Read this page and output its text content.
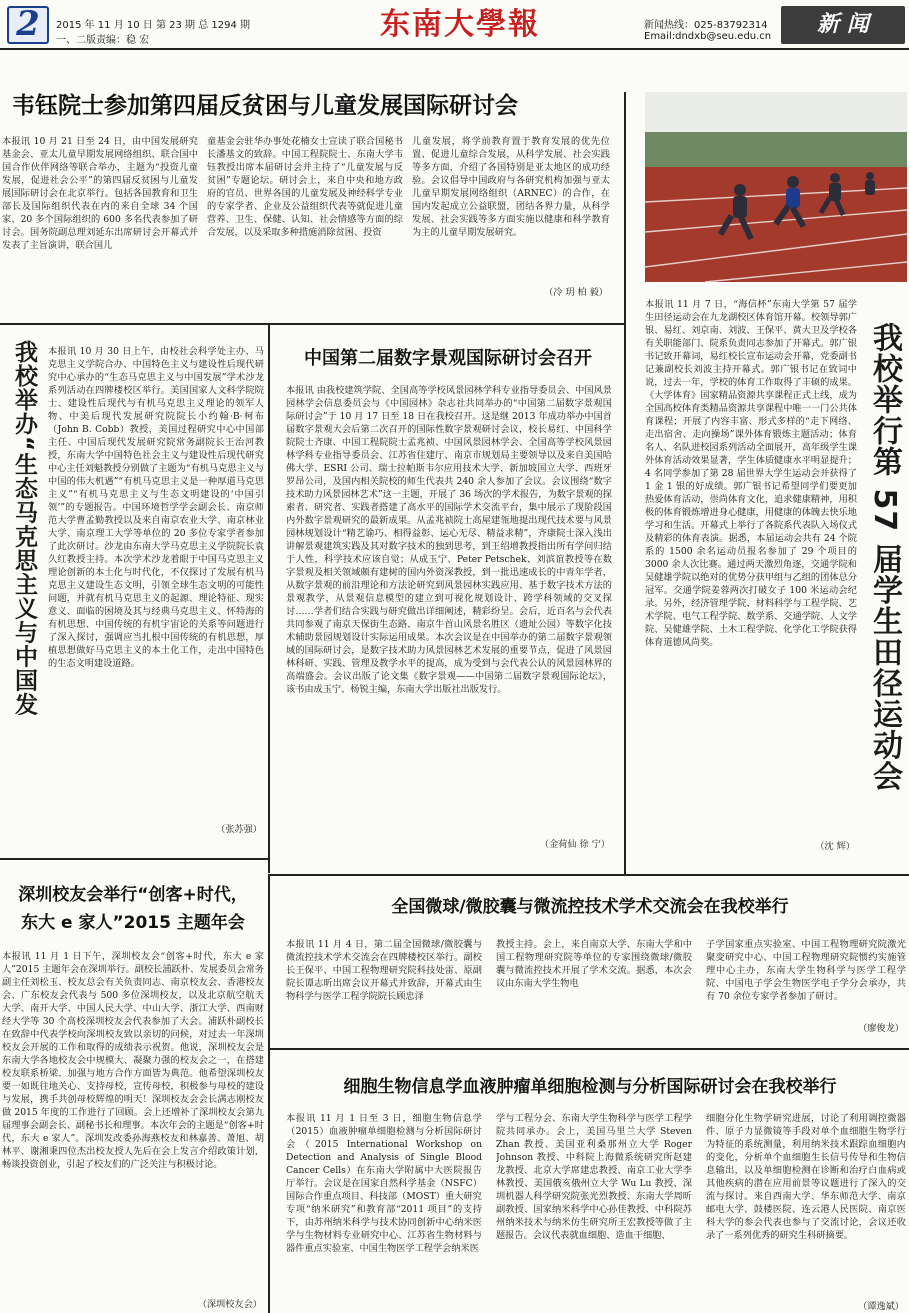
2	2015 年 11 月 10 日 第 23 期 总 1294 期
一、二版责编：稳 宏	东南大學報	新闻热线：025-83792314
Email:dndxb@seu.edu.cn	新 闻
韦钰院士参加第四届反贫困与儿童发展国际研讨会
本报讯 10 月 21 日至 24 日，由中国发展研究基金会、亚太儿童早期发展网络组织、联合国中国合作伙伴网络等联合举办，主题为“投资儿童发展，促进社会公平”的第四届反贫困与儿童发展国际研讨会在北京举行。包括各国教育和卫生部长及国际组织代表在内的来自全球 34 个国家、20 多个国际组织的 600 多名代表参加了研讨会。国务院副总理刘延东出席研讨会开幕式并发表了主旨演讲，联合国儿
童基金会驻华办事处花楠女士宣读了联合国秘书长潘基文的致辞。中国工程院院士、东南大学韦钰教授出席本届研讨会并主持了“儿童发展与反贫困”专题论坛。研讨会上，来自中央和地方政府的官员、世界各国的儿童发展及神经科学专业的专家学者、企业及公益组织代表等就促进儿童营养、卫生、保健、认知、社会情感等方面的综合发展，以及采取多种措施消除贫困、投资
儿童发展，将学前教育置于教育发展的优先位置、促进儿童综合发展，从科学发展、社会实践等多方面，介绍了各国特别是亚太地区的成功经验。会议倡导中国政府与各研究机构加强与亚太儿童早期发展网络组织（ARNEC）的合作，在国内发起成立公益联盟，团结各界力量，从科学发展、社会实践等多方面实施以健康和科学教育为主的儿童早期发展研究。
（冷 玥 柏 毅）
本报讯 11 月 7 日，“海信杯”东南大学第 57 届学生田径运动会在九龙湖校区体育馆开幕。校领导郭广银、易红、刘京南、刘波、王保平、黄大卫及学校各有关职能部门、院系负责同志参加了开幕式。郭广银书记致开幕词，易红校长宣布运动会开幕，党委副书记兼副校长刘波主持开幕式。郭广银书记在致词中说，过去一年，学校的体育工作取得了丰硕的成果。《大学体育》国家精品资源共享课程正式上线，成为全国高校体育类精品资源共享课程中唯一一门公共体育课程；开展了内容丰富、形式多样的“走下网络、走出宿舍、走向操场”课外体育锻炼主题活动；体育名人、名队进校园系列活动全面展开，高年级学生课外体育活动效果显著，学生体质健康水平明显提升；4 名同学参加了第 28 届世界大学生运动会并获得了 1 金 1 银的好成绩。郭广银书记希望同学们要更加热爱体育活动，崇尚体育文化，追求健康精神，用积极的体育锻炼增进身心健康，用健康的体魄去快乐地学习和生活。开幕式上举行了各院系代表队入场仪式及精彩的体育表演。据悉，本届运动会共有 24 个院系的 1500 余名运动员报名参加了 29 个项目的 3000 余人次比赛。通过两天激烈角逐，交通学院和吴健雄学院以绝对的优势分获甲组与乙组的团体总分冠军。交通学院姜蓉两次打破女子 100 米运动会纪录。另外，经济管理学院、材料科学与工程学院、艺术学院、电气工程学院、数学系、交通学院、人文学院、吴健雄学院、土木工程学院、化学化工学院获得体育道德风尚奖。
（沈 辉）
我校举行第 57 届学生田径运动会
我校举办“生态马克思主义与中国发
本报讯 10 月 30 日上午，由校社会科学处主办、马克思主义学院合办、中国特色主义与建设性后现代研究中心承办的“生态马克思主义与中国发展”学术沙龙系列活动在四牌楼校区举行。美国国家人文科学院院士、建设性后现代与有机马克思主义理论的领军人物、中美后现代发展研究院院长小约翰·B·柯布（John B. Cobb）教授，美国过程研究中心中国部主任、中国后现代发展研究院常务副院长王治河教授，东南大学中国特色社会主义与建设性后现代研究中心主任刘魁教授分别做了主题为“有机马克思主义与中国的伟大机遇”“有机马克思主义是一种厚道马克思主义”“有机马克思主义与生态文明建设的‘中国引领’”的专题报告。中国环境哲学学会副会长、南京师范大学曹孟勤教授以及来自南京农业大学、南京林业大学、南京理工大学等单位的 20 多位专家学者参加了此次研讨。沙龙由东南大学马克思主义学院院长袁久红教授主持。本次学术沙龙着眼于中国马克思主义理论创新的本土化与时代化，不仅探讨了发展有机马克思主义建设生态文明，引领全球生态文明的可能性问题，并就有机马克思主义的起源、理论特征、现实意义、面临的困境及其与经典马克思主义、怀特海的有机思想、中国传统的有机宇宙论的关系等问题进行了深入探讨，强调应当扎根中国传统的有机思想，厚植思想做好马克思主义的本土化工作，走出中国特色的生态文明建设道路。
（张苏强）
中国第二届数字景观国际研讨会召开
本报讯 由我校建筑学院、全国高等学校风景园林学科专业指导委员会、中国风景园林学会信息委员会与《中国园林》杂志社共同举办的“中国第二届数字景观国际研讨会”于 10 月 17 日至 18 日在我校召开。这是继 2013 年成功举办中国首届数字景观大会后第二次召开的国际性数字景观研讨会议，校长易红、中国科学院院士齐康、中国工程院院士孟兆祯、中国风景园林学会、全国高等学校风景园林学科专业指导委员会、江苏省住建厅、南京市规划局主要领导以及来自美国哈佛大学、ESRI 公司、瑞士拉帕斯韦尔应用技术大学、新加坡国立大学、西班牙罗昂公司，及国内相关院校的师生代表共 240 余人参加了会议。会议围绕“数字技术助力风景园林艺术”这一主题，开展了 36 场次的学术报告，为数字景观的探索者、研究者、实践者搭建了高水平的国际学术交流平台，集中展示了现阶段国内外数字景观研究的最新成果。从孟兆祯院士高屋建瓴地提出现代技术要与风景园林规划设计“精艺谕巧、相得益彰、运心无尽、精益求精”，齐康院士深入浅出讲解景观建筑实践及其对数字技术的独到思考，到王绍增教授指出所有学问归结于人性，科学技术应该自觉；从成玉宁、Peter Petschek、刘滨谊教授等在数字景观及相关领域颇有建树的国内外资深教授，到一批迅速成长的中青年学者，从数字景观的前沿理论和方法论研究到风景园林实践应用、基于数字技术方法的景观教学，从景观信息模型的建立到可视化规划设计、跨学科领域的交叉探讨……学者们结合实践与研究做出详细阐述，精彩纷呈。会后，近百名与会代表共同参观了南京天保街生态路、南京牛首山风景名胜区（遗址公园）等数字化技术辅助景园规划设计实际运用成果。本次会议是在中国举办的第二届数字景观领域的国际研讨会，是数字技术助力风景园林艺术发展的重要节点，促进了风景园林科研、实践、管理及教学水平的提高，成为受到与会代表公认的风景园林界的高端盛会。会议出版了论文集《数字景观——中国第二届数字景观国际论坛》，该书由成玉宁、杨锐主编，东南大学出版社出版发行。
（金荷仙 徐 宁）
深圳校友会举行“创客+时代，
东大 e 家人”2015 主题年会
本报讯 11 月 1 日下午，深圳校友会“创客+时代，东大 e 家人”2015 主题年会在深圳举行。副校长浦跃朴、发展委员会常务副主任刘松玉、校友总会有关负责同志、南京校友会、香港校友会、广东校友会代表与 500 多位深圳校友，以及北京航空航天大学、南开大学、中国人民大学、中山大学、浙江大学、西南财经大学等 30 个高校深圳校友会代表参加了大会。浦跃朴副校长在致辞中代表学校向深圳校友致以亲切的问候，对过去一年深圳校友会开展的工作和取得的成绩表示祝贺。他说，深圳校友会是东南大学各地校友会中规模大、凝聚力强的校友会之一，在搭建校友联系桥梁、加强与地方合作方面皆为典范。他希望深圳校友要一如既往地关心、支持母校，宣传母校，积极参与母校的建设与发展，携手共创母校辉煌的明天！深圳校友会会长满志刚校友做 2015 年度的工作进行了回顾。会上还增补了深圳校友会第九届理事会副会长、副秘书长和理事。本次年会的主题是“创客+时代，东大 e 家人”。深圳发改委孙海燕校友和林嘉善、萧旭、胡林平、谢湘秉四位杰出校友授人先后在会上发言介绍政策计划，畅谈投资创业，引起了校友们的广泛关注与积极讨论。
（深圳校友会）
全国微球/微胶囊与微流控技术学术交流会在我校举行
本报讯 11 月 4 日，第二届全国微球/微胶囊与微流控技术学术交流会在四牌楼校区举行。副校长王保平、中国工程物理研究院科技处雷、原副院长谭志昕出席会议开幕式并致辞，开幕式由生物科学与医学工程学院院长顾忠泽
教授主持。会上，来自南京大学、东南大学和中国工程物理研究院等单位的专家围绕微球/微胶囊与微流控技术开展了学术交流。据悉，本次会议由东南大学生物电
子学国家重点实验室、中国工程物理研究院激光聚变研究中心、中国工程物理研究院惯约实施管理中心主办，东南大学生物科学与医学工程学院、中国电子学会生物医学电子学分会承办，共有 70 余位专家学者参加了研讨。
（廖俊龙）
细胞生物信息学血液肿瘤单细胞检测与分析国际研讨会在我校举行
本报讯 11 月 1 日至 3 日，细胞生物信息学（2015）血液肿瘤单细胞检测与分析国际研讨会（2015 International Workshop on Detection and Analysis of Single Blood Cancer Cells）在东南大学附属中大医院报告厅举行。会议是在国家自然科学基金（NSFC）国际合作重点项目、科技部（MOST）重大研究专项“纳米研究”和教育部“2011 项目”的支持下，由苏州纳米科学与技术协同创新中心纳米医学与生物材料专业研究中心、江苏省生物材料与器件重点实验室、中国生物医学工程学会纳米医
学与工程分会、东南大学生物科学与医学工程学院共同承办。会上，美国马里兰大学 Steven Zhan 教授、美国亚利桑那州立大学 Roger Johnson 教授、中科院上海微系统研究所赵建龙教授、北京大学席建忠教授、南京工业大学李林教授、美国俄亥俄州立大学 Wu Lu 教授、深圳机器人科学研究院张光烈教授、东南大学周昕副教授、国家纳米科学中心孙佳教授、中科院苏州纳米技术与纳米仿生研究所王宏教授等做了主题报告。会议代表就血细胞、造血干细胞、
细胞分化生物学研究进展，讨论了利用调控微器件、原子力显微镜等手段对单个血细胞生物学行为特征的系统测量，利用纳米技术跟踪血细胞内的变化，分析单个血细胞生长信号传导和生物信息输出，以及单细胞检测在诊断和治疗白血病或其他疾病的潜在应用前景等议题进行了深入的交流与探讨。来自西南大学、华东师范大学、南京邮电大学、鼓楼医院、连云港人民医院、南京医科大学的参会代表也参与了交流讨论，会议还收录了一系列优秀的研究生科研摘要。
（谭逸斌）
